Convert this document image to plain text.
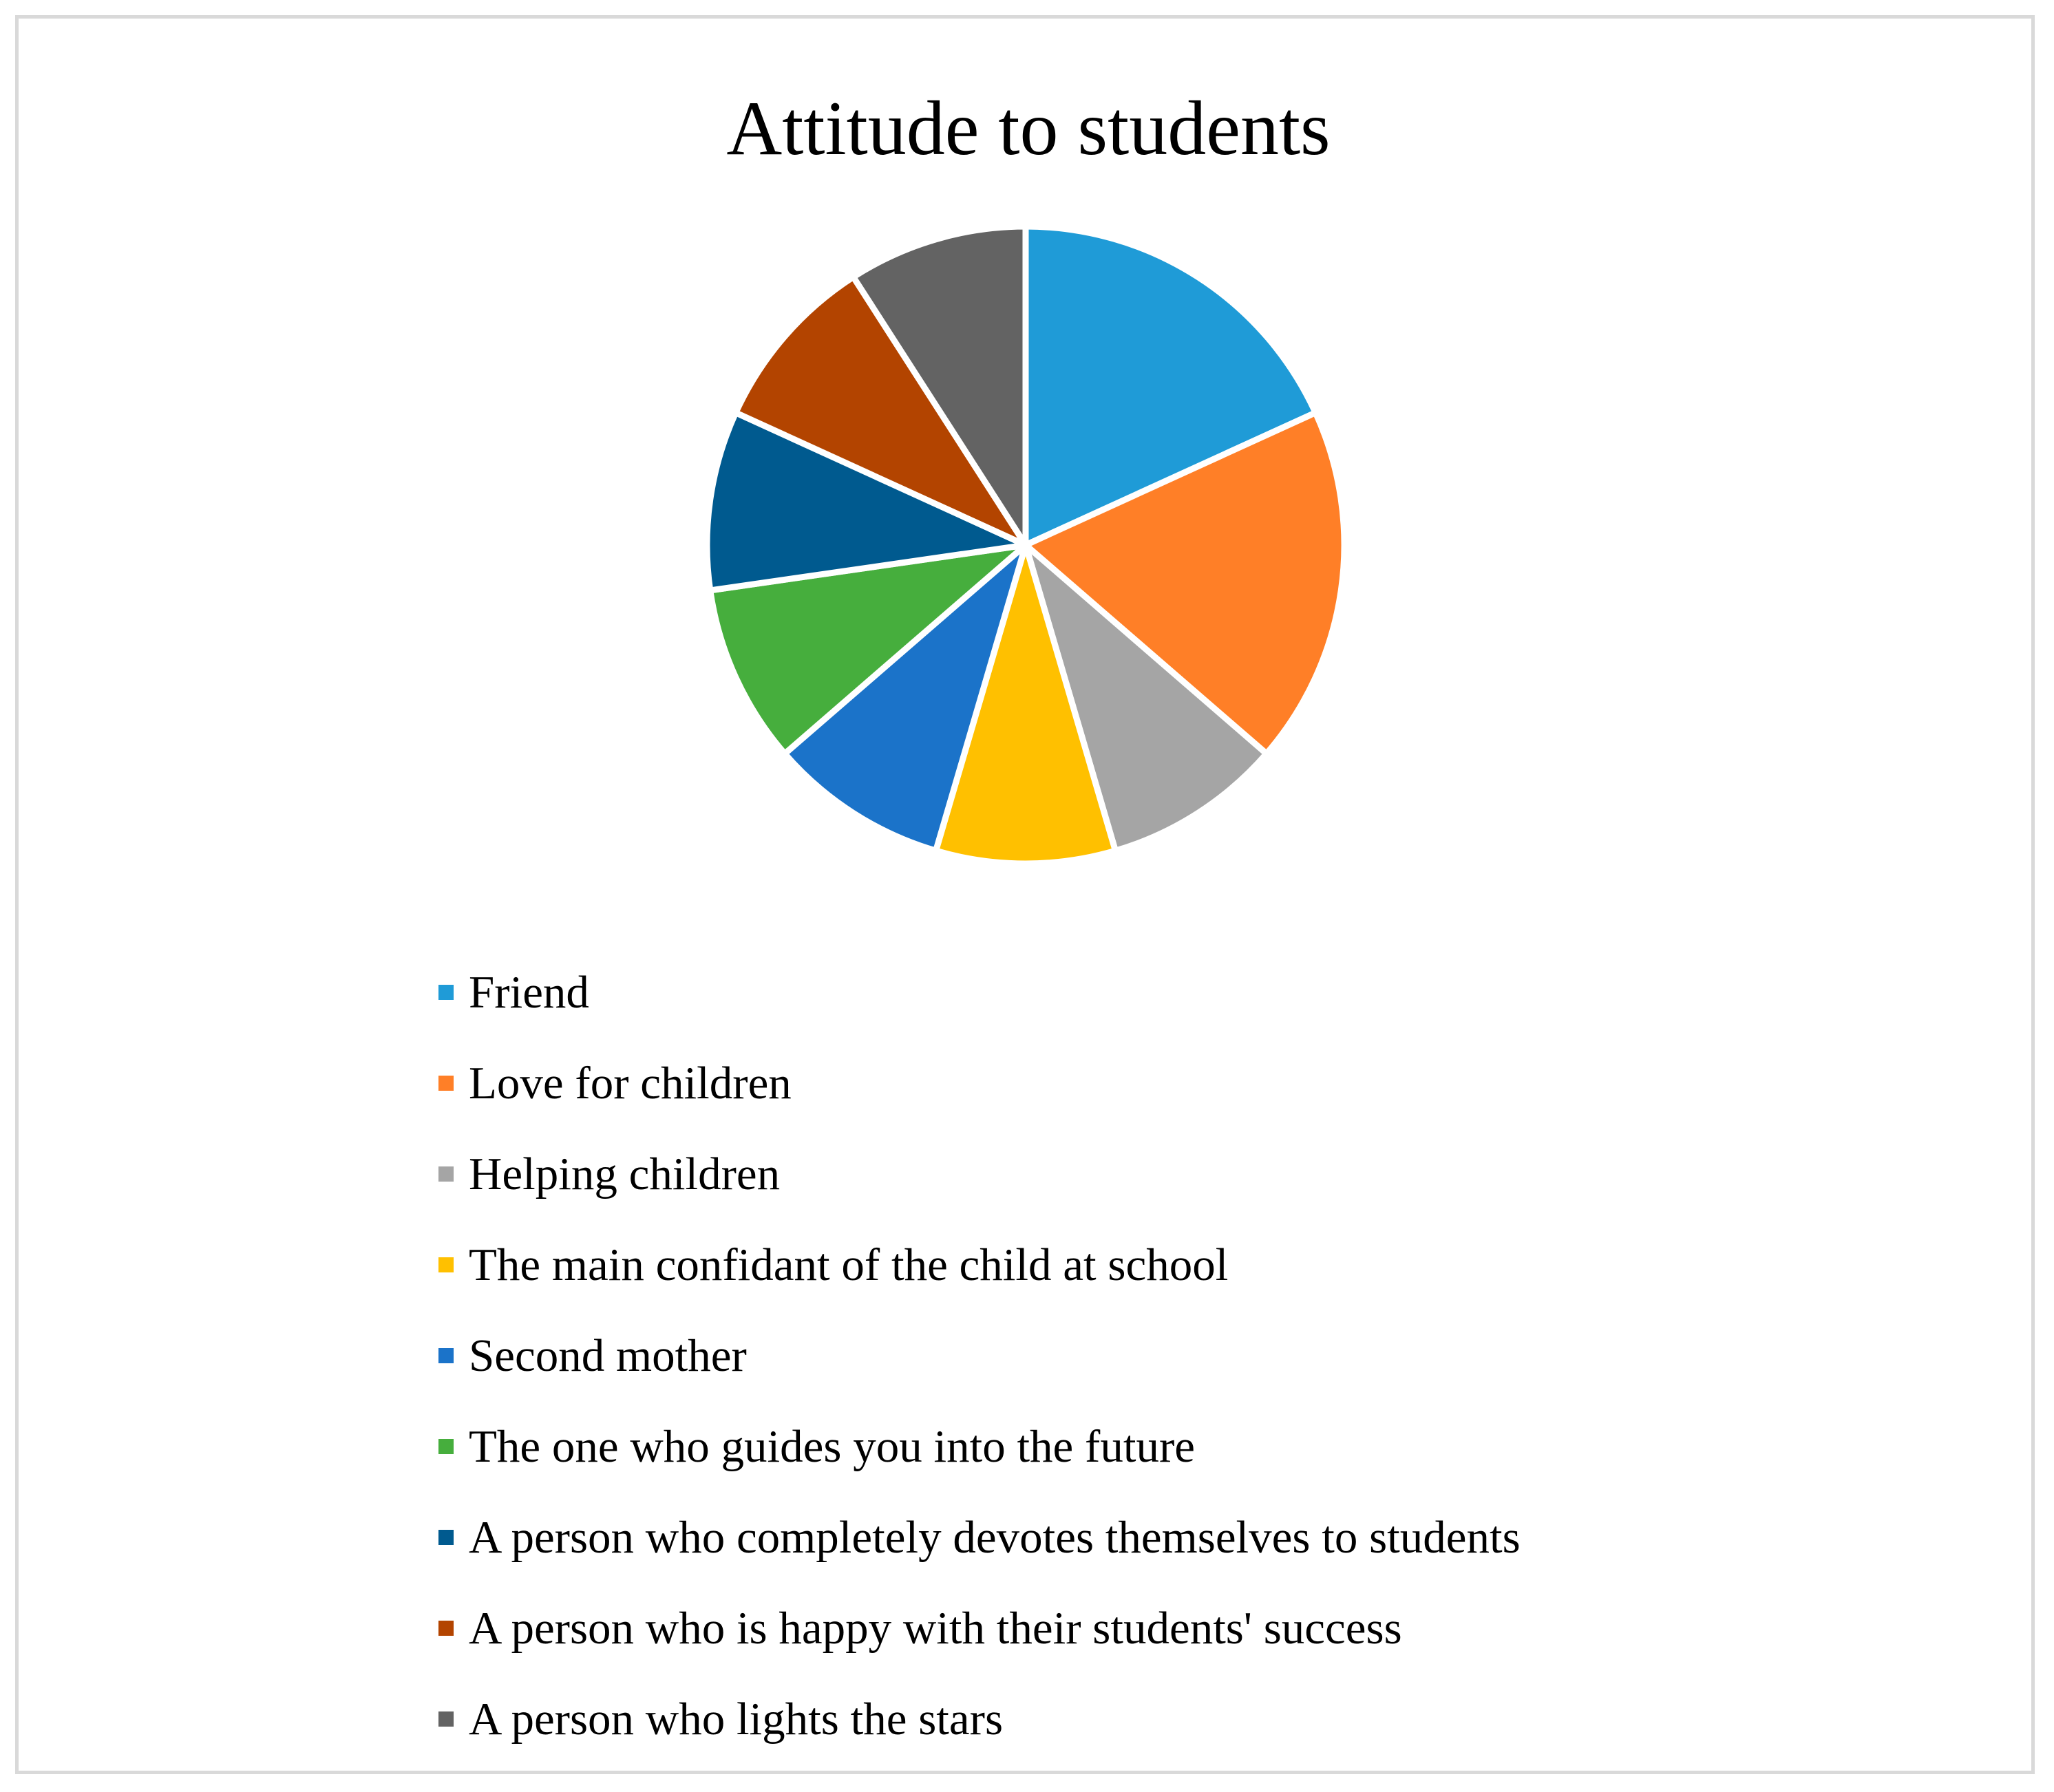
Attitude to students
Friend
Love for children
Helping children
The main confidant of the child at school
Second mother
The one who guides you into the future
A person who completely devotes themselves to students
A person who is happy with their students' success
A person who lights the stars
